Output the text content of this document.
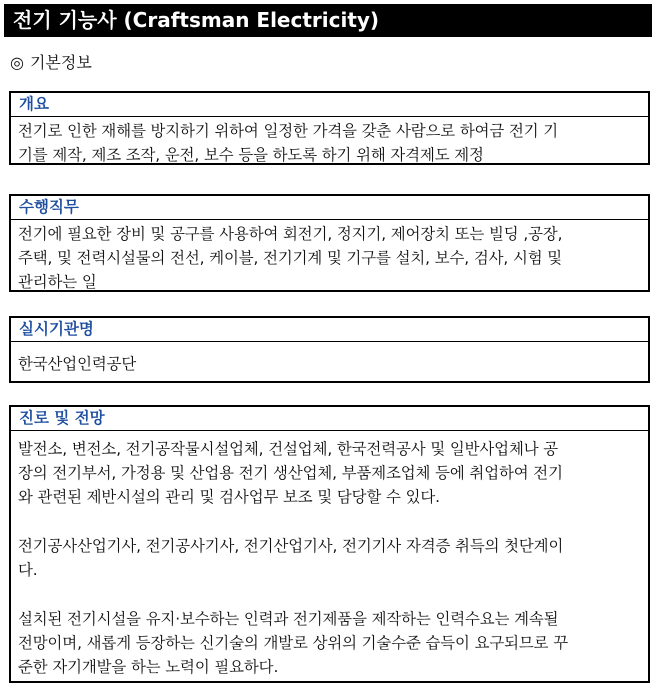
전기 기능사 (Craftsman Electricity)
◎ 기본정보
개요

전기로 인한 재해를 방지하기 위하여 일정한 가격을 갖춘 사람으로 하여금 전기 기

기를 제작, 제조 조작, 운전, 보수 등을 하도록 하기 위해 자격제도 제정

수행직무

전기에 필요한 장비 및 공구를 사용하여 회전기, 정지기, 제어장치 또는 빌딩 ,공장,

주택, 및 전력시설물의 전선, 케이블, 전기기계 및 기구를 설치, 보수, 검사, 시험 및

관리하는 일

실시기관명

한국산업인력공단

진로 및 전망

발전소, 변전소, 전기공작물시설업체, 건설업체, 한국전력공사 및 일반사업체나 공

장의 전기부서, 가정용 및 산업용 전기 생산업체, 부품제조업체 등에 취업하여 전기

와 관련된 제반시설의 관리 및 검사업무 보조 및 담당할 수 있다.

전기공사산업기사, 전기공사기사, 전기산업기사, 전기기사 자격증 취득의 첫단계이

다.

설치된 전기시설을 유지·보수하는 인력과 전기제품을 제작하는 인력수요는 계속될

전망이며, 새롭게 등장하는 신기술의 개발로 상위의 기술수준 습득이 요구되므로 꾸

준한 자기개발을 하는 노력이 필요하다.
